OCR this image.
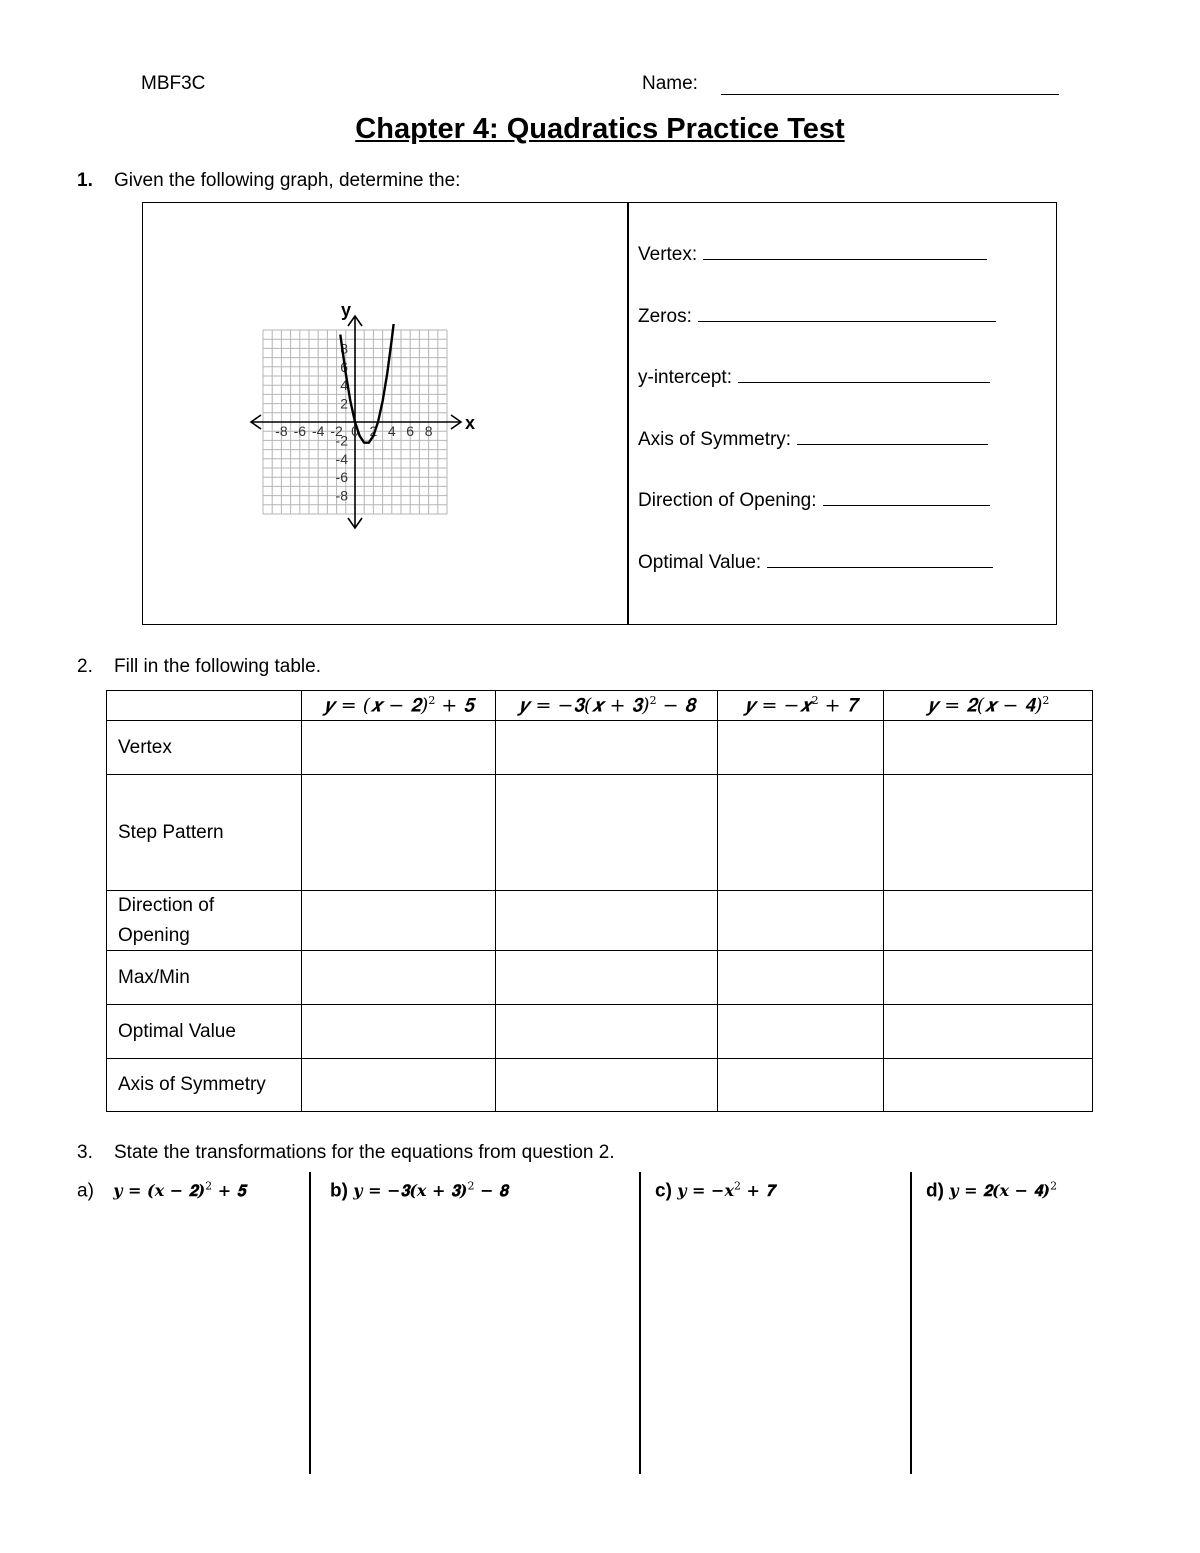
MBF3C	Name:
Chapter 4: Quadratics Practice Test
1. Given the following graph, determine the:
x
y
-8 -6 -4 -2 0 2 4 6 8
8
6
4
2
-2
-4
-6
-8
Vertex:
Zeros:
y-intercept:
Axis of Symmetry:
Direction of Opening:
Optimal Value:
2. Fill in the following table.
	𝒚 = (𝒙 − 𝟐)$^2$ + 𝟓	𝒚 = −𝟑(𝒙 + 𝟑)$^2$ − 𝟖	𝒚 = −𝒙$^2$ + 𝟕	𝒚 = 𝟐(𝒙 − 𝟒)$^2$
Vertex				
Step Pattern				
Direction of Opening				
Max/Min				
Optimal Value				
Axis of Symmetry				
3. State the transformations for the equations from question 2.
a) 𝒚 = (𝒙 − 𝟐)$^2$ + 𝟓	b) 𝒚 = −𝟑(𝒙 + 𝟑)$^2$ − 𝟖	c) 𝒚 = −𝒙$^2$ + 𝟕	d) 𝒚 = 𝟐(𝒙 − 𝟒)$^2$
